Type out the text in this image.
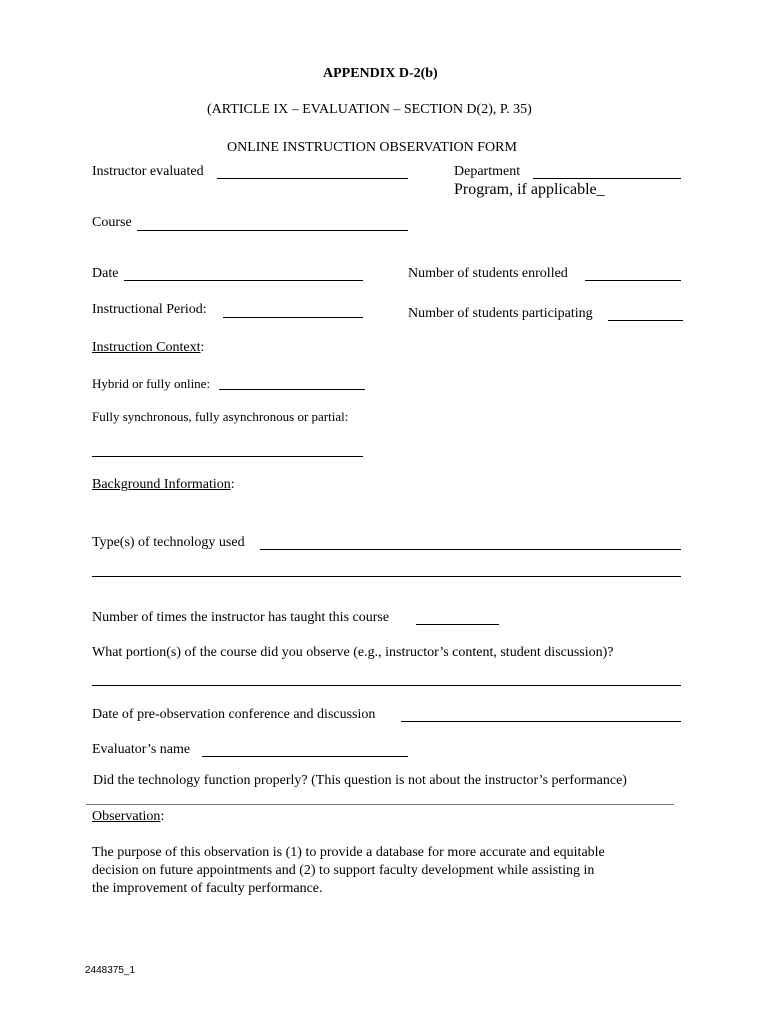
APPENDIX D-2(b)
(ARTICLE IX – EVALUATION – SECTION D(2), P. 35)
ONLINE INSTRUCTION OBSERVATION FORM
Instructor evaluated	Department
Program, if applicable_
Course
Date	Number of students enrolled
Instructional Period:	Number of students participating
Instruction Context:
Hybrid or fully online:
Fully synchronous, fully asynchronous or partial:
Background Information:
Type(s) of technology used
Number of times the instructor has taught this course
What portion(s) of the course did you observe (e.g., instructor’s content, student discussion)?
Date of pre-observation conference and discussion
Evaluator’s name
Did the technology function properly? (This question is not about the instructor’s performance)
Observation:
The purpose of this observation is (1) to provide a database for more accurate and equitable
decision on future appointments and (2) to support faculty development while assisting in
the improvement of faculty performance.
2448375_1
